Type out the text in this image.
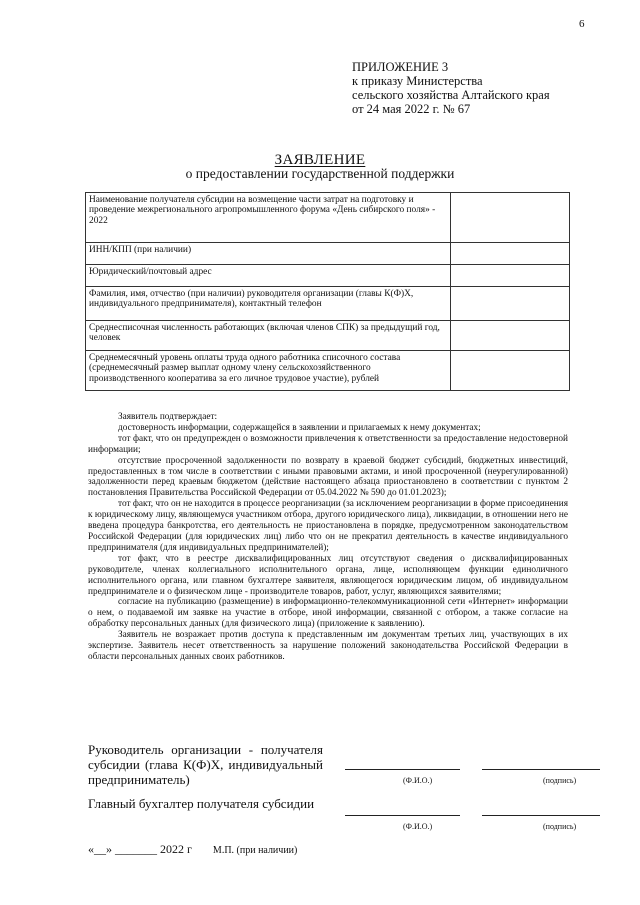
6
ПРИЛОЖЕНИЕ 3
к приказу Министерства
сельского хозяйства Алтайского края
от 24 мая 2022 г. № 67
ЗАЯВЛЕНИЕ
о предоставлении государственной поддержки
Наименование получателя субсидии на возмещение части затрат на подготовку и проведение межрегионального агропромышленного форума «День сибирского поля» - 2022	
ИНН/КПП (при наличии)	
Юридический/почтовый адрес	
Фамилия, имя, отчество (при наличии) руководителя организации (главы К(Ф)Х, индивидуального предпринимателя), контактный телефон	
Среднесписочная численность работающих (включая членов СПК) за предыдущий год, человек	
Среднемесячный уровень оплаты труда одного работника списочного состава (среднемесячный размер выплат одному члену сельскохозяйственного производственного кооператива за его личное трудовое участие), рублей	

Заявитель подтверждает:

достоверность информации, содержащейся в заявлении и прилагаемых к нему документах;

тот факт, что он предупрежден о возможности привлечения к ответственности за предоставление недостоверной информации;

отсутствие просроченной задолженности по возврату в краевой бюджет субсидий, бюджетных инвестиций, предоставленных в том числе в соответствии с иными правовыми актами, и иной просроченной (неурегулированной) задолженности перед краевым бюджетом (действие настоящего абзаца приостановлено в соответствии с пунктом 2 постановления Правительства Российской Федерации от 05.04.2022 № 590 до 01.01.2023);

тот факт, что он не находится в процессе реорганизации (за исключением реорганизации в форме присоединения к юридическому лицу, являющемуся участником отбора, другого юридического лица), ликвидации, в отношении него не введена процедура банкротства, его деятельность не приостановлена в порядке, предусмотренном законодательством Российской Федерации (для юридических лиц) либо что он не прекратил деятельность в качестве индивидуального предпринимателя (для индивидуальных предпринимателей);

тот факт, что в реестре дисквалифицированных лиц отсутствуют сведения о дисквалифицированных руководителе, членах коллегиального исполнительного органа, лице, исполняющем функции единоличного исполнительного органа, или главном бухгалтере заявителя, являющегося юридическим лицом, об индивидуальном предпринимателе и о физическом лице - производителе товаров, работ, услуг, являющихся заявителями;

согласие на публикацию (размещение) в информационно-телекоммуникационной сети «Интернет» информации о нем, о подаваемой им заявке на участие в отборе, иной информации, связанной с отбором, а также согласие на обработку персональных данных (для физического лица) (приложение к заявлению).

Заявитель не возражает против доступа к представленным им документам третьих лиц, участвующих в их экспертизе. Заявитель несет ответственность за нарушение положений законодательства Российской Федерации в области персональных данных своих работников.

Руководитель организации - получателя субсидии (глава К(Ф)Х, индивидуальный предприниматель)	(Ф.И.О.)	(подпись)
Главный бухгалтер получателя субсидии
(Ф.И.О.)	(подпись)
«__» _______ 2022 г М.П. (при наличии)
